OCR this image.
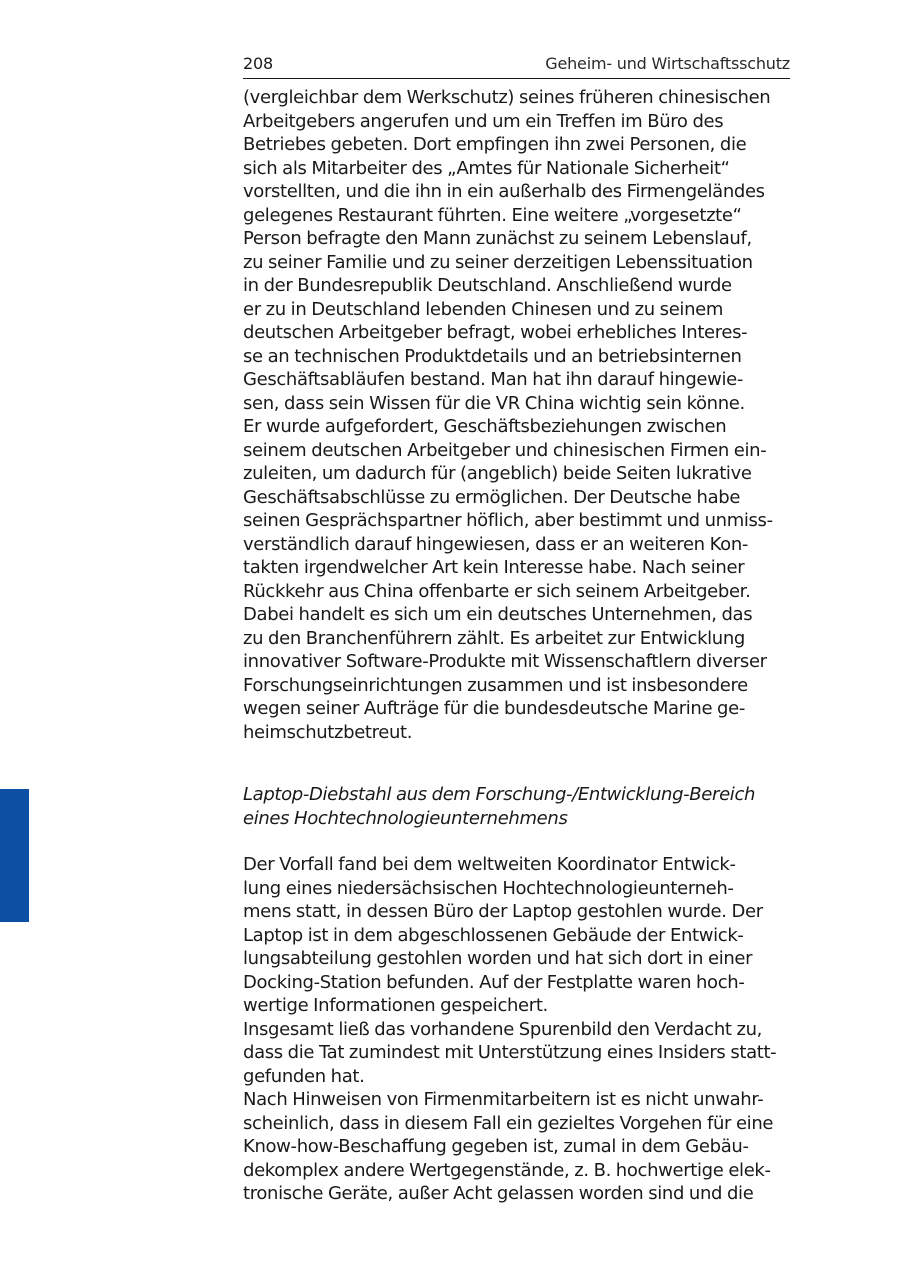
208	Geheim- und Wirtschaftsschutz
(vergleichbar dem Werkschutz) seines früheren chinesischen
Arbeitgebers angerufen und um ein Treffen im Büro des
Betriebes gebeten. Dort empfingen ihn zwei Personen, die
sich als Mitarbeiter des „Amtes für Nationale Sicherheit“
vorstellten, und die ihn in ein außerhalb des Firmengeländes
gelegenes Restaurant führten. Eine weitere „vorgesetzte“
Person befragte den Mann zunächst zu seinem Lebenslauf,
zu seiner Familie und zu seiner derzeitigen Lebenssituation
in der Bundesrepublik Deutschland. Anschließend wurde
er zu in Deutschland lebenden Chinesen und zu seinem
deutschen Arbeitgeber befragt, wobei erhebliches Interes-
se an technischen Produktdetails und an betriebsinternen
Geschäftsabläufen bestand. Man hat ihn darauf hingewie-
sen, dass sein Wissen für die VR China wichtig sein könne.
Er wurde aufgefordert, Geschäftsbeziehungen zwischen
seinem deutschen Arbeitgeber und chinesischen Firmen ein-
zuleiten, um dadurch für (angeblich) beide Seiten lukrative
Geschäftsabschlüsse zu ermöglichen. Der Deutsche habe
seinen Gesprächspartner höflich, aber bestimmt und unmiss-
verständlich darauf hingewiesen, dass er an weiteren Kon-
takten irgendwelcher Art kein Interesse habe. Nach seiner
Rückkehr aus China offenbarte er sich seinem Arbeitgeber.
Dabei handelt es sich um ein deutsches Unternehmen, das
zu den Branchenführern zählt. Es arbeitet zur Entwicklung
innovativer Software-Produkte mit Wissenschaftlern diverser
Forschungseinrichtungen zusammen und ist insbesondere
wegen seiner Aufträge für die bundesdeutsche Marine ge-
heimschutzbetreut.
Laptop-Diebstahl aus dem Forschung-/Entwicklung-Bereich
eines Hochtechnologieunternehmens
Der Vorfall fand bei dem weltweiten Koordinator Entwick-
lung eines niedersächsischen Hochtechnologieunterneh-
mens statt, in dessen Büro der Laptop gestohlen wurde. Der
Laptop ist in dem abgeschlossenen Gebäude der Entwick-
lungsabteilung gestohlen worden und hat sich dort in einer
Docking-Station befunden. Auf der Festplatte waren hoch-
wertige Informationen gespeichert.
Insgesamt ließ das vorhandene Spurenbild den Verdacht zu,
dass die Tat zumindest mit Unterstützung eines Insiders statt-
gefunden hat.
Nach Hinweisen von Firmenmitarbeitern ist es nicht unwahr-
scheinlich, dass in diesem Fall ein gezieltes Vorgehen für eine
Know-how-Beschaffung gegeben ist, zumal in dem Gebäu-
dekomplex andere Wertgegenstände, z. B. hochwertige elek-
tronische Geräte, außer Acht gelassen worden sind und die
